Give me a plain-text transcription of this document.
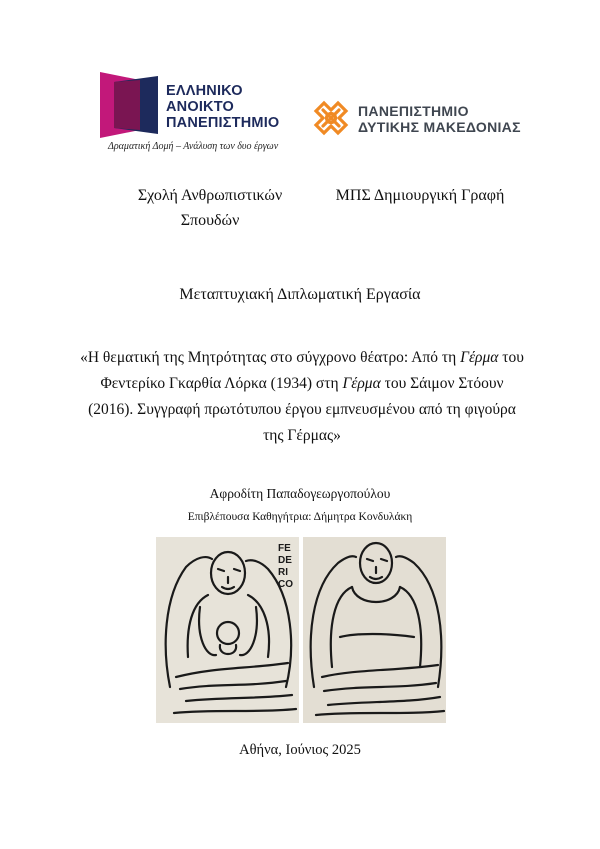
ΕΛΛΗΝΙΚΟ
ΑΝΟΙΚΤΟ
ΠΑΝΕΠΙΣΤΗΜΙΟ
Δραματική Δομή – Ανάλυση των δυο έργων
ΠΑΝΕΠΙΣΤΗΜΙΟ
ΔΥΤΙΚΗΣ ΜΑΚΕΔΟΝΙΑΣ
Σχολή Ανθρωπιστικών Σπουδών
ΜΠΣ Δημιουργική Γραφή
Μεταπτυχιακή Διπλωματική Εργασία
«Η θεματική της Μητρότητας στο σύγχρονο θέατρο: Από τη Γέρμα του Φεντερίκο Γκαρθία Λόρκα (1934) στη Γέρμα του Σάιμον Στόουν (2016). Συγγραφή πρωτότυπου έργου εμπνευσμένου από τη φιγούρα της Γέρμας»
Αφροδίτη Παπαδογεωργοπούλου
Επιβλέπουσα Καθηγήτρια: Δήμητρα Κονδυλάκη
FE
DE
RI
CO
Αθήνα, Ιούνιος 2025
